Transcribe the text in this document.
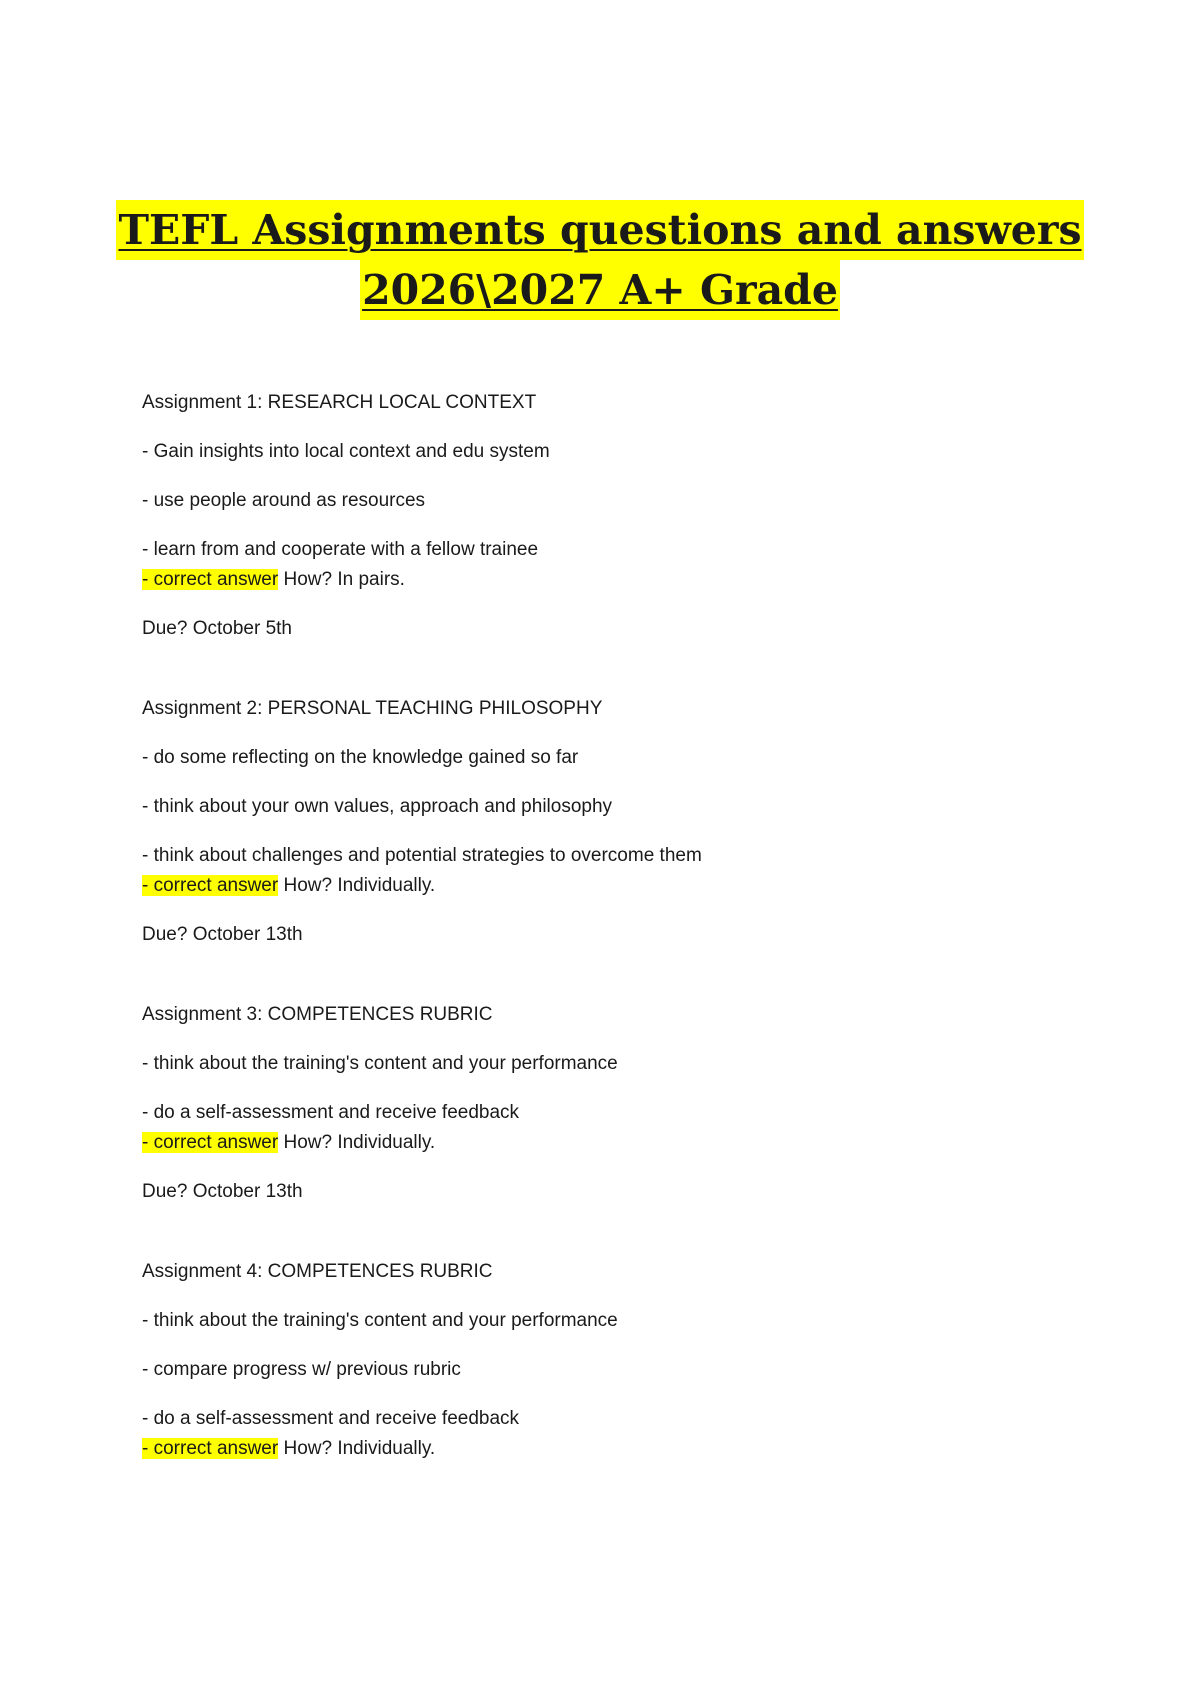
TEFL Assignments questions and answers
2026\2027 A+ Grade

Assignment 1: RESEARCH LOCAL CONTEXT

- Gain insights into local context and edu system

- use people around as resources

- learn from and cooperate with a fellow trainee

- correct answer How? In pairs.

Due? October 5th

Assignment 2: PERSONAL TEACHING PHILOSOPHY

- do some reflecting on the knowledge gained so far

- think about your own values, approach and philosophy

- think about challenges and potential strategies to overcome them

- correct answer How? Individually.

Due? October 13th

Assignment 3: COMPETENCES RUBRIC

- think about the training's content and your performance

- do a self-assessment and receive feedback

- correct answer How? Individually.

Due? October 13th

Assignment 4: COMPETENCES RUBRIC

- think about the training's content and your performance

- compare progress w/ previous rubric

- do a self-assessment and receive feedback

- correct answer How? Individually.
